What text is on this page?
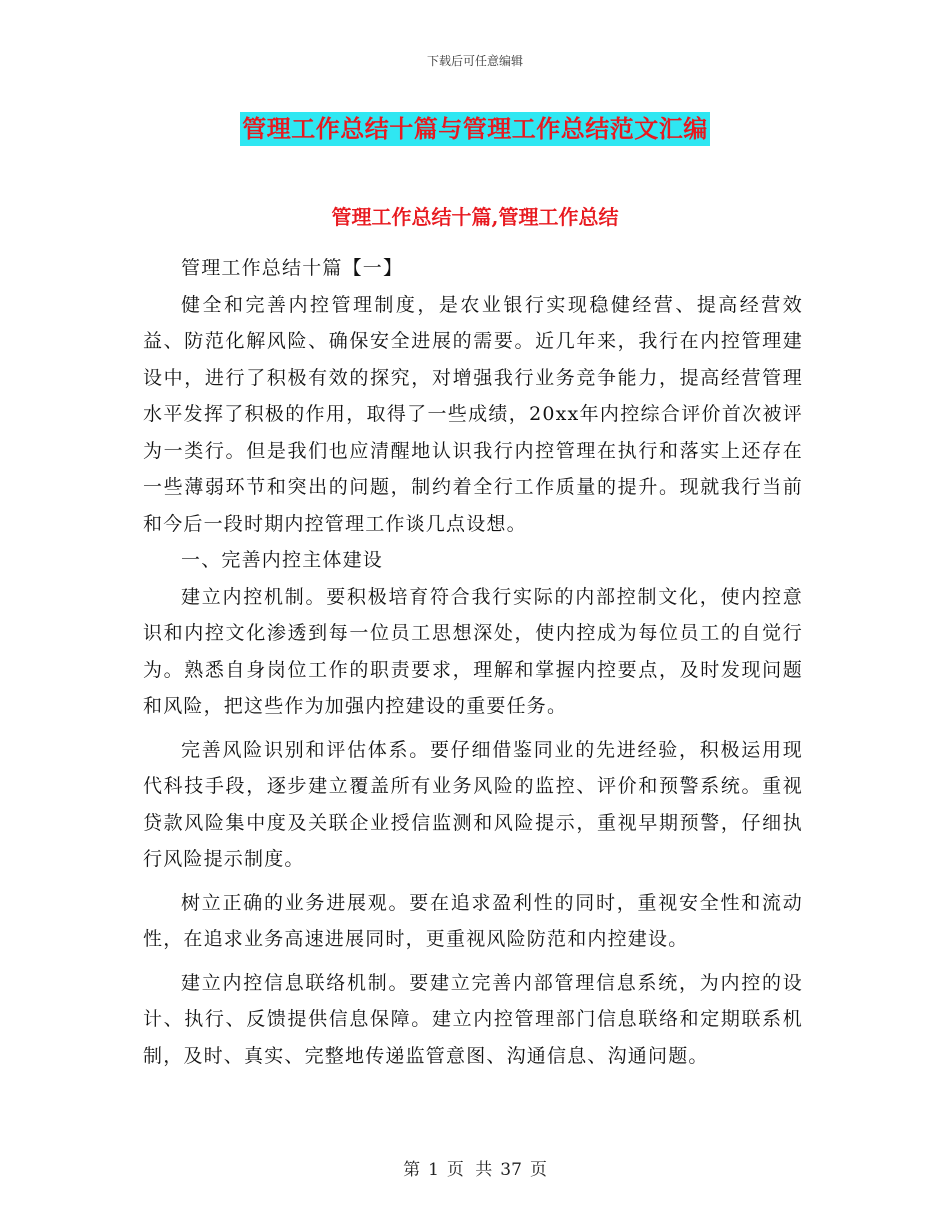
下载后可任意编辑
管理工作总结十篇与管理工作总结范文汇编
管理工作总结十篇,管理工作总结

管理工作总结十篇【一】

健全和完善内控管理制度，是农业银行实现稳健经营、提高经营效益、防范化解风险、确保安全进展的需要。近几年来，我行在内控管理建设中，进行了积极有效的探究，对增强我行业务竞争能力，提高经营管理水平发挥了积极的作用，取得了一些成绩，20xx年内控综合评价首次被评为一类行。但是我们也应清醒地认识我行内控管理在执行和落实上还存在一些薄弱环节和突出的问题，制约着全行工作质量的提升。现就我行当前和今后一段时期内控管理工作谈几点设想。

一、完善内控主体建设

建立内控机制。要积极培育符合我行实际的内部控制文化，使内控意识和内控文化渗透到每一位员工思想深处，使内控成为每位员工的自觉行为。熟悉自身岗位工作的职责要求，理解和掌握内控要点，及时发现问题和风险，把这些作为加强内控建设的重要任务。

完善风险识别和评估体系。要仔细借鉴同业的先进经验，积极运用现代科技手段，逐步建立覆盖所有业务风险的监控、评价和预警系统。重视贷款风险集中度及关联企业授信监测和风险提示，重视早期预警，仔细执行风险提示制度。

树立正确的业务进展观。要在追求盈利性的同时，重视安全性和流动性，在追求业务高速进展同时，更重视风险防范和内控建设。

建立内控信息联络机制。要建立完善内部管理信息系统，为内控的设计、执行、反馈提供信息保障。建立内控管理部门信息联络和定期联系机制，及时、真实、完整地传递监管意图、沟通信息、沟通问题。

第 1 页 共 37 页
